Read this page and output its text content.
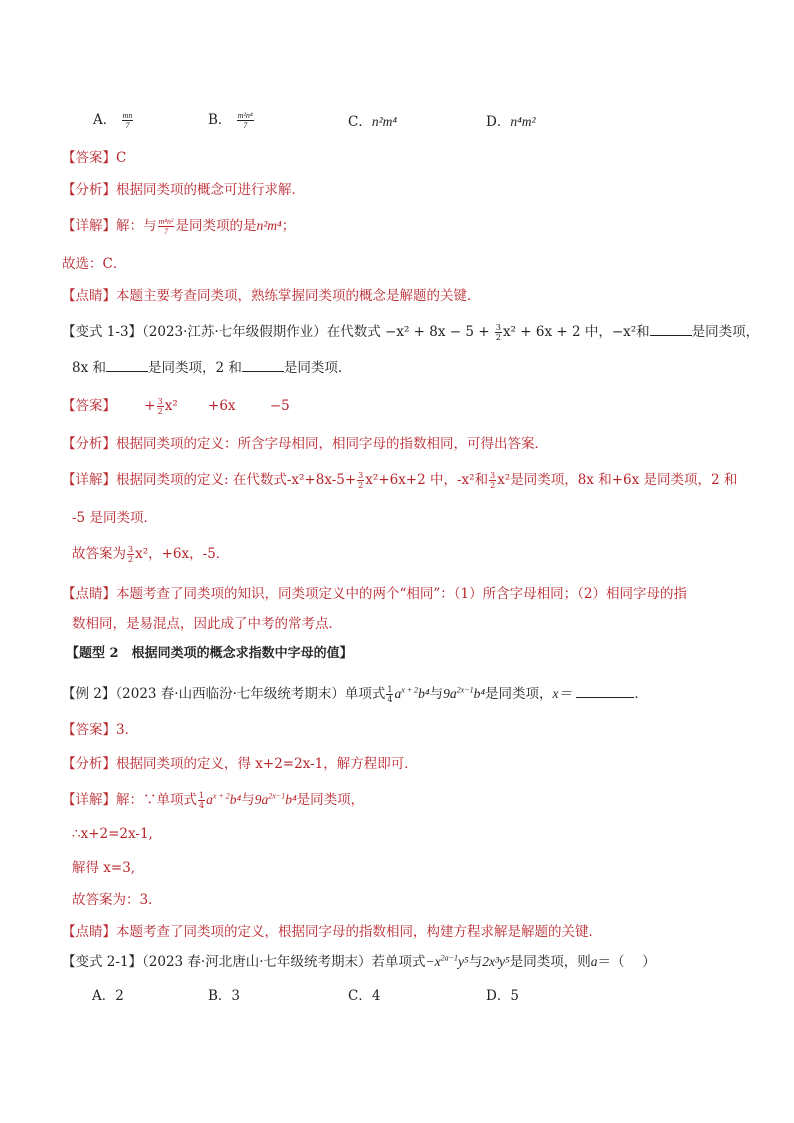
A． $\frac{mn}{7}$	B． $\frac{\text{m²n⁴}}{7}$	C．n²m⁴	D．n⁴m²
【答案】C
【分析】根据同类项的概念可进行求解．
【详解】解：与 $\frac{\text{m⁴n²}}{7}$ 是同类项的是n²m⁴；
故选：C．
【点睛】本题主要考查同类项，熟练掌握同类项的概念是解题的关键．
【变式 1-3】（2023·江苏·七年级假期作业）在代数式 $-x^2 + 8x - 5 + \frac{3}{2} x^2 + 6x + 2$ 中，−x²和	是同类项，
8x 和	是同类项，2 和	是同类项．
【答案】 + $\frac{3}{2} x^2 +6x$	−5
【分析】根据同类项的定义：所含字母相同，相同字母的指数相同，可得出答案．
【详解】根据同类项的定义: 在代数式$-x^2+8x-5+ \frac{3}{2} x^2+6x+2$ 中，-x²和 $\frac{3}{2} x^2$是同类项，8x 和+6x 是同类项，2 和
-5 是同类项．
故答案为 $\frac{3}{2} x^2$，+6x，-5．
【点睛】本题考查了同类项的知识，同类项定义中的两个“相同”：（1）所含字母相同；（2）相同字母的指
数相同，是易混点，因此成了中考的常考点．
【题型 2　根据同类项的概念求指数中字母的值】
【例 2】（2023 春·山西临汾·七年级统考期末）单项式 $\frac{1}{4} a^{x + 2}b^4$与$9a^{2x-1}b^4$是同类项，x＝	．
【答案】3．
【分析】根据同类项的定义，得 x+2=2x-1，解方程即可．
【详解】解：∵单项式 $\frac{1}{4} a^{x + 2}b^4$与$9a^{2x-1}b^4$是同类项，
∴x+2=2x-1,
解得 x=3,
故答案为：3．
【点睛】本题考查了同类项的定义，根据同字母的指数相同，构建方程求解是解题的关键．
【变式 2-1】（2023 春·河北唐山·七年级统考期末）若单项式$-x^{2a-1}y^5$与2x³y⁵是同类项，则a＝（　 ）
A．2	B．3	C．4	D．5
